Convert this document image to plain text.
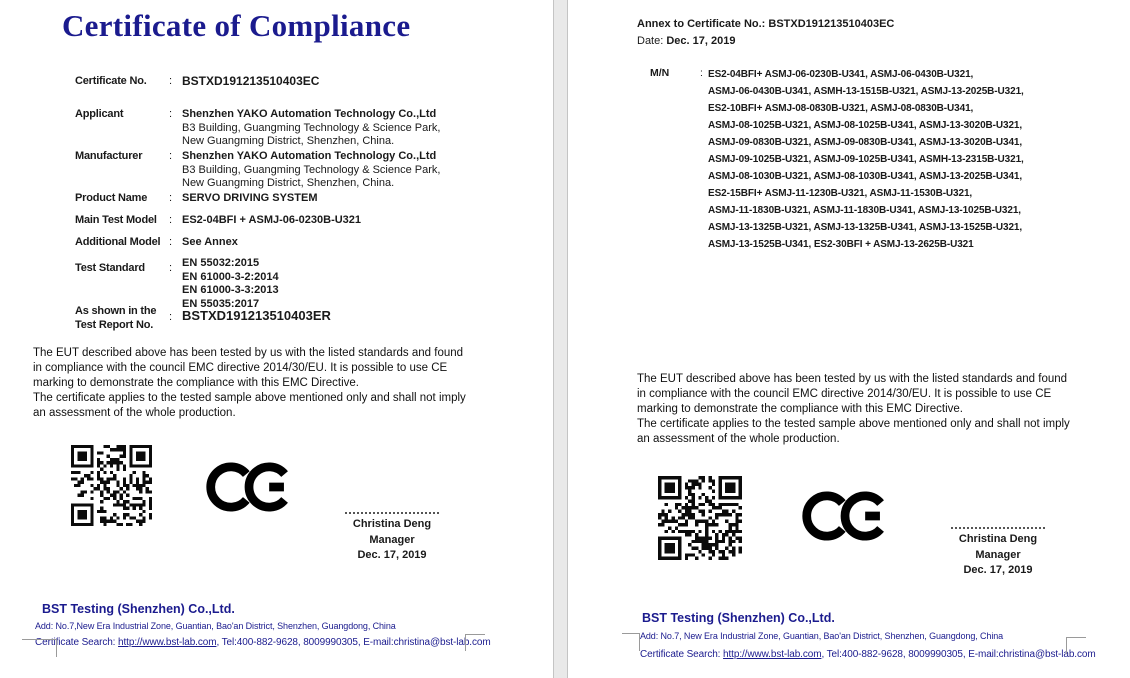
Certificate of Compliance
Certificate No. : BSTXD191213510403EC
Applicant	: Shenzhen YAKO Automation Technology Co.,Ltd
B3 Building, Guangming Technology & Science Park,
New Guangming District, Shenzhen, China.
Manufacturer : Shenzhen YAKO Automation Technology Co.,Ltd
B3 Building, Guangming Technology & Science Park,
New Guangming District, Shenzhen, China.
Product Name : SERVO DRIVING SYSTEM
Main Test Model : ES2-04BFI + ASMJ-06-0230B-U321
Additional Model : See Annex
Test Standard : EN 55032:2015
EN 61000-3-2:2014
EN 61000-3-3:2013
EN 55035:2017
As shown in the
Test Report No.
: BSTXD191213510403ER
The EUT described above has been tested by us with the listed standards and found
in compliance with the council EMC directive 2014/30/EU. It is possible to use CE
marking to demonstrate the compliance with this EMC Directive.
The certificate applies to the tested sample above mentioned only and shall not imply
an assessment of the whole production.
Christina Deng
Manager
Dec. 17, 2019
BST Testing (Shenzhen) Co.,Ltd.
Add: No.7,New Era Industrial Zone, Guantian, Bao'an District, Shenzhen, Guangdong, China
Certificate Search: http://www.bst-lab.com, Tel:400-882-9628, 8009990305, E-mail:christina@bst-lab.com
Annex to Certificate No.: BSTXD191213510403EC
Date: Dec. 17, 2019
M/N	: ES2-04BFI+ ASMJ-06-0230B-U341, ASMJ-06-0430B-U321,
ASMJ-06-0430B-U341, ASMH-13-1515B-U321, ASMJ-13-2025B-U321,
ES2-10BFI+ ASMJ-08-0830B-U321, ASMJ-08-0830B-U341,
ASMJ-08-1025B-U321, ASMJ-08-1025B-U341, ASMJ-13-3020B-U321,
ASMJ-09-0830B-U321, ASMJ-09-0830B-U341, ASMJ-13-3020B-U341,
ASMJ-09-1025B-U321, ASMJ-09-1025B-U341, ASMH-13-2315B-U321,
ASMJ-08-1030B-U321, ASMJ-08-1030B-U341, ASMJ-13-2025B-U341,
ES2-15BFI+ ASMJ-11-1230B-U321, ASMJ-11-1530B-U321,
ASMJ-11-1830B-U321, ASMJ-11-1830B-U341, ASMJ-13-1025B-U321,
ASMJ-13-1325B-U321, ASMJ-13-1325B-U341, ASMJ-13-1525B-U321,
ASMJ-13-1525B-U341, ES2-30BFI + ASMJ-13-2625B-U321
The EUT described above has been tested by us with the listed standards and found
in compliance with the council EMC directive 2014/30/EU. It is possible to use CE
marking to demonstrate the compliance with this EMC Directive.
The certificate applies to the tested sample above mentioned only and shall not imply
an assessment of the whole production.
Christina Deng
Manager
Dec. 17, 2019
BST Testing (Shenzhen) Co.,Ltd.
Add: No.7, New Era Industrial Zone, Guantian, Bao'an District, Shenzhen, Guangdong, China
Certificate Search: http://www.bst-lab.com, Tel:400-882-9628, 8009990305, E-mail:christina@bst-lab.com
